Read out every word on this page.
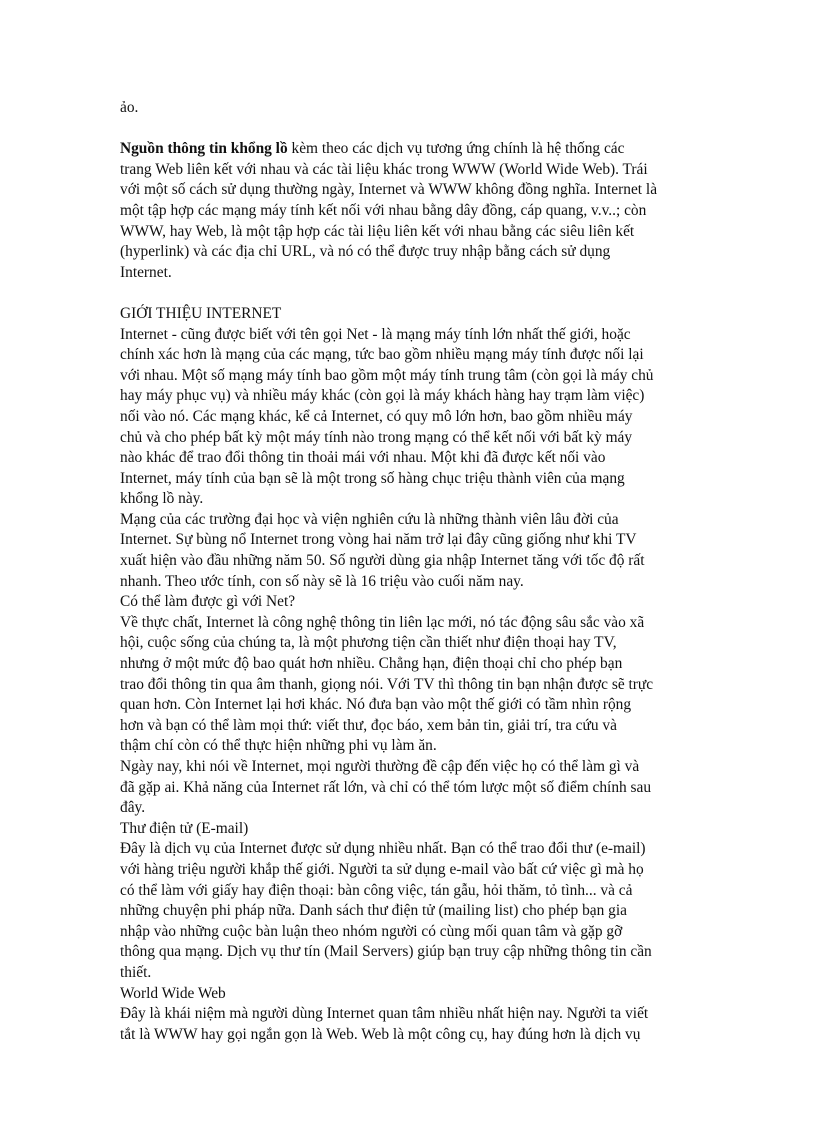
ảo.
Nguồn thông tin khổng lồ kèm theo các dịch vụ tương ứng chính là hệ thống các
trang Web liên kết với nhau và các tài liệu khác trong WWW (World Wide Web). Trái
với một số cách sử dụng thường ngày, Internet và WWW không đồng nghĩa. Internet là
một tập hợp các mạng máy tính kết nối với nhau bằng dây đồng, cáp quang, v.v..; còn
WWW, hay Web, là một tập hợp các tài liệu liên kết với nhau bằng các siêu liên kết
(hyperlink) và các địa chỉ URL, và nó có thể được truy nhập bằng cách sử dụng
Internet.
GIỚI THIỆU INTERNET
Internet - cũng được biết với tên gọi Net - là mạng máy tính lớn nhất thế giới, hoặc
chính xác hơn là mạng của các mạng, tức bao gồm nhiều mạng máy tính được nối lại
với nhau. Một số mạng máy tính bao gồm một máy tính trung tâm (còn gọi là máy chủ
hay máy phục vụ) và nhiều máy khác (còn gọi là máy khách hàng hay trạm làm việc)
nối vào nó. Các mạng khác, kể cả Internet, có quy mô lớn hơn, bao gồm nhiều máy
chủ và cho phép bất kỳ một máy tính nào trong mạng có thể kết nối với bất kỳ máy
nào khác để trao đổi thông tin thoải mái với nhau. Một khi đã được kết nối vào
Internet, máy tính của bạn sẽ là một trong số hàng chục triệu thành viên của mạng
khổng lồ này.
Mạng của các trường đại học và viện nghiên cứu là những thành viên lâu đời của
Internet. Sự bùng nổ Internet trong vòng hai năm trở lại đây cũng giống như khi TV
xuất hiện vào đầu những năm 50. Số người dùng gia nhập Internet tăng với tốc độ rất
nhanh. Theo ước tính, con số này sẽ là 16 triệu vào cuối năm nay.
Có thể làm được gì với Net?
Về thực chất, Internet là công nghệ thông tin liên lạc mới, nó tác động sâu sắc vào xã
hội, cuộc sống của chúng ta, là một phương tiện cần thiết như điện thoại hay TV,
nhưng ở một mức độ bao quát hơn nhiều. Chẳng hạn, điện thoại chỉ cho phép bạn
trao đổi thông tin qua âm thanh, giọng nói. Với TV thì thông tin bạn nhận được sẽ trực
quan hơn. Còn Internet lại hơi khác. Nó đưa bạn vào một thế giới có tầm nhìn rộng
hơn và bạn có thể làm mọi thứ: viết thư, đọc báo, xem bản tin, giải trí, tra cứu và
thậm chí còn có thể thực hiện những phi vụ làm ăn.
Ngày nay, khi nói về Internet, mọi người thường đề cập đến việc họ có thể làm gì và
đã gặp ai. Khả năng của Internet rất lớn, và chỉ có thể tóm lược một số điểm chính sau
đây.
Thư điện tử (E-mail)
Đây là dịch vụ của Internet được sử dụng nhiều nhất. Bạn có thể trao đổi thư (e-mail)
với hàng triệu người khắp thế giới. Người ta sử dụng e-mail vào bất cứ việc gì mà họ
có thể làm với giấy hay điện thoại: bàn công việc, tán gẫu, hỏi thăm, tỏ tình... và cả
những chuyện phi pháp nữa. Danh sách thư điện tử (mailing list) cho phép bạn gia
nhập vào những cuộc bàn luận theo nhóm người có cùng mối quan tâm và gặp gỡ
thông qua mạng. Dịch vụ thư tín (Mail Servers) giúp bạn truy cập những thông tin cần
thiết.
World Wide Web
Đây là khái niệm mà người dùng Internet quan tâm nhiều nhất hiện nay. Người ta viết
tắt là WWW hay gọi ngắn gọn là Web. Web là một công cụ, hay đúng hơn là dịch vụ
